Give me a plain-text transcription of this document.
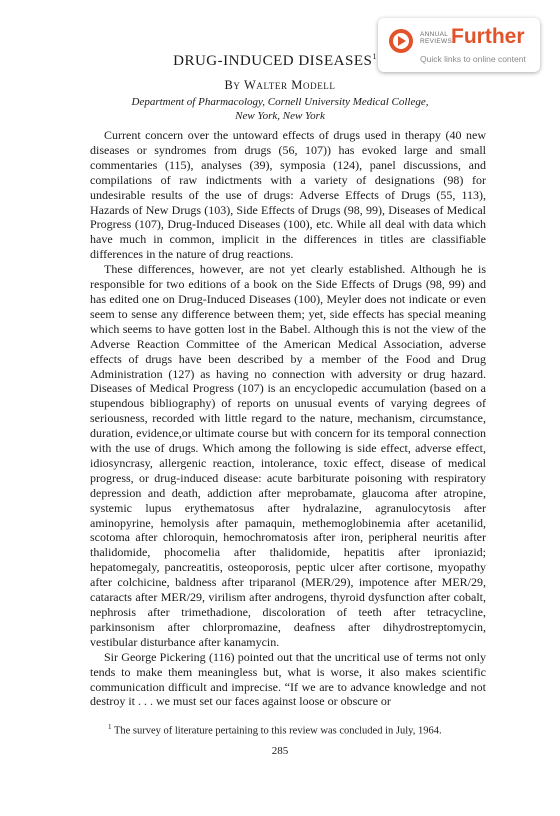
ANNUAL
REVIEWS
Further
Quick links to online content
DRUG-INDUCED DISEASES$^1$
By Walter Modell
Department of Pharmacology, Cornell University Medical College,
New York, New York

Current concern over the untoward effects of drugs used in therapy (40 new diseases or syndromes from drugs (56, 107)) has evoked large and small commentaries (115), analyses (39), symposia (124), panel discussions, and compilations of raw indictments with a variety of designations (98) for undesirable results of the use of drugs: Adverse Effects of Drugs (55, 113), Hazards of New Drugs (103), Side Effects of Drugs (98, 99), Diseases of Medical Progress (107), Drug-Induced Diseases (100), etc. While all deal with data which have much in common, implicit in the differences in titles are classifiable differences in the nature of drug reactions.

These differences, however, are not yet clearly established. Although he is responsible for two editions of a book on the Side Effects of Drugs (98, 99) and has edited one on Drug-Induced Diseases (100), Meyler does not indicate or even seem to sense any difference between them; yet, side effects has special meaning which seems to have gotten lost in the Babel. Although this is not the view of the Adverse Reaction Committee of the American Medical Association, adverse effects of drugs have been described by a member of the Food and Drug Administration (127) as having no connection with adversity or drug hazard. Diseases of Medical Progress (107) is an encyclopedic accumulation (based on a stupendous bibliography) of reports on unusual events of varying degrees of seriousness, recorded with little regard to the nature, mechanism, circumstance, duration, evidence,or ultimate course but with concern for its temporal connection with the use of drugs. Which among the following is side effect, adverse effect, idiosyncrasy, allergenic reaction, intolerance, toxic effect, disease of medical progress, or drug-induced disease: acute barbiturate poisoning with respiratory depression and death, addiction after meprobamate, glaucoma after atropine, systemic lupus erythematosus after hydralazine, agranulocytosis after aminopyrine, hemolysis after pamaquin, methemoglobinemia after acetanilid, scotoma after chloroquin, hemochromatosis after iron, peripheral neuritis after thalidomide, phocomelia after thalidomide, hepatitis after iproniazid; hepatomegaly, pancreatitis, osteoporosis, peptic ulcer after cortisone, myopathy after colchicine, baldness after triparanol (MER/29), impotence after MER/29, cataracts after MER/29, virilism after androgens, thyroid dysfunction after cobalt, nephrosis after trimethadione, discoloration of teeth after tetracycline, parkinsonism after chlorpromazine, deafness after dihydrostreptomycin, vestibular disturbance after kanamycin.

Sir George Pickering (116) pointed out that the uncritical use of terms not only tends to make them meaningless but, what is worse, it also makes scientific communication difficult and imprecise. “If we are to advance knowledge and not destroy it . . . we must set our faces against loose or obscure or

$^1$ The survey of literature pertaining to this review was concluded in July, 1964.
285
